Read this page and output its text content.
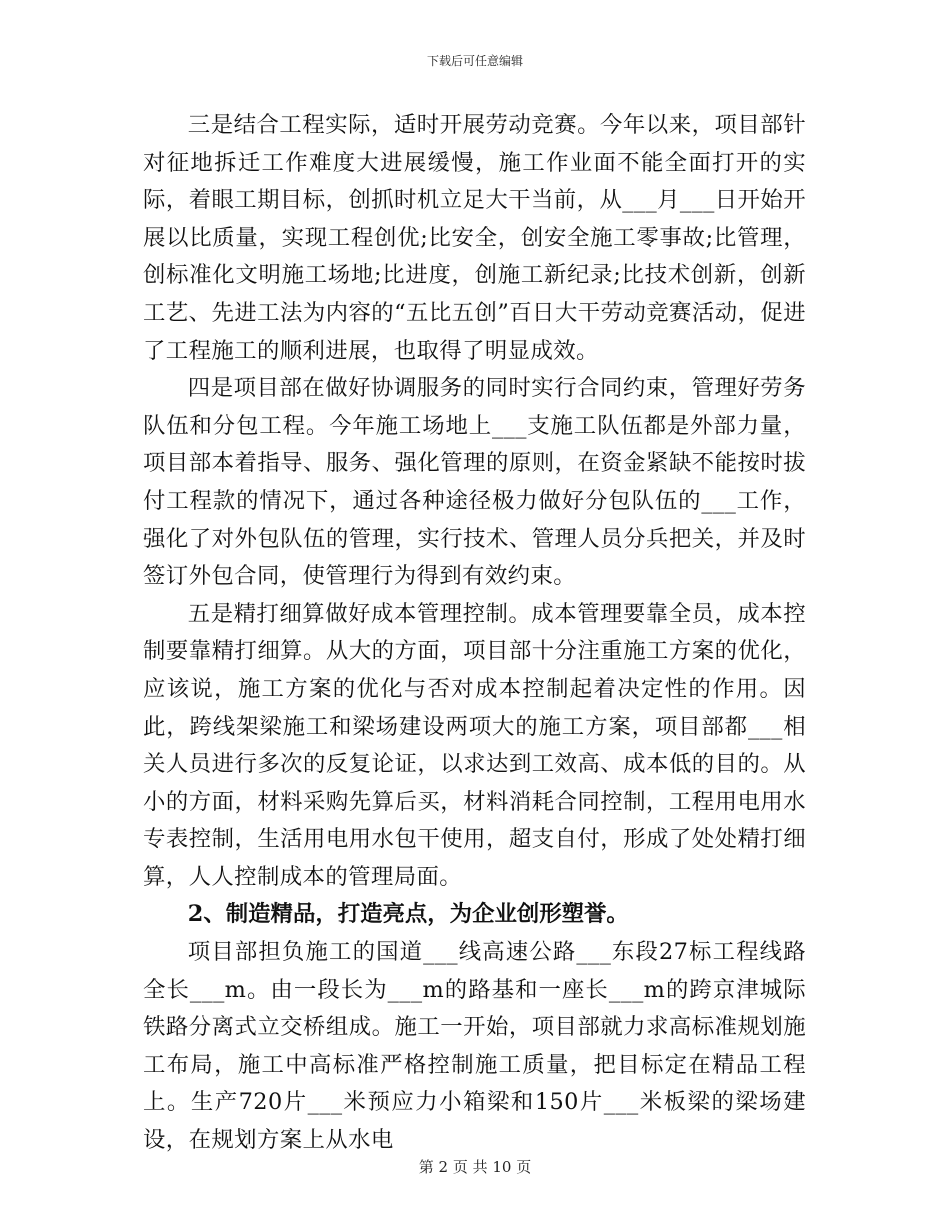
下载后可任意编辑

三是结合工程实际，适时开展劳动竞赛。今年以来，项目部针对征地拆迁工作难度大进展缓慢，施工作业面不能全面打开的实际，着眼工期目标，创抓时机立足大干当前，从___月___日开始开展以比质量，实现工程创优;比安全，创安全施工零事故;比管理，创标准化文明施工场地;比进度，创施工新纪录;比技术创新，创新工艺、先进工法为内容的“五比五创”百日大干劳动竞赛活动，促进了工程施工的顺利进展，也取得了明显成效。

四是项目部在做好协调服务的同时实行合同约束，管理好劳务队伍和分包工程。今年施工场地上___支施工队伍都是外部力量，项目部本着指导、服务、强化管理的原则，在资金紧缺不能按时拔付工程款的情况下，通过各种途径极力做好分包队伍的___工作，强化了对外包队伍的管理，实行技术、管理人员分兵把关，并及时签订外包合同，使管理行为得到有效约束。

五是精打细算做好成本管理控制。成本管理要靠全员，成本控制要靠精打细算。从大的方面，项目部十分注重施工方案的优化，应该说，施工方案的优化与否对成本控制起着决定性的作用。因此，跨线架梁施工和梁场建设两项大的施工方案，项目部都___相关人员进行多次的反复论证，以求达到工效高、成本低的目的。从小的方面，材料采购先算后买，材料消耗合同控制，工程用电用水专表控制，生活用电用水包干使用，超支自付，形成了处处精打细算，人人控制成本的管理局面。

2、制造精品，打造亮点，为企业创形塑誉。

项目部担负施工的国道___线高速公路___东段27标工程线路全长___m。由一段长为___m的路基和一座长___m的跨京津城际铁路分离式立交桥组成。施工一开始，项目部就力求高标准规划施工布局，施工中高标准严格控制施工质量，把目标定在精品工程上。生产720片___米预应力小箱梁和150片___米板梁的梁场建设，在规划方案上从水电

第 2 页 共 10 页
